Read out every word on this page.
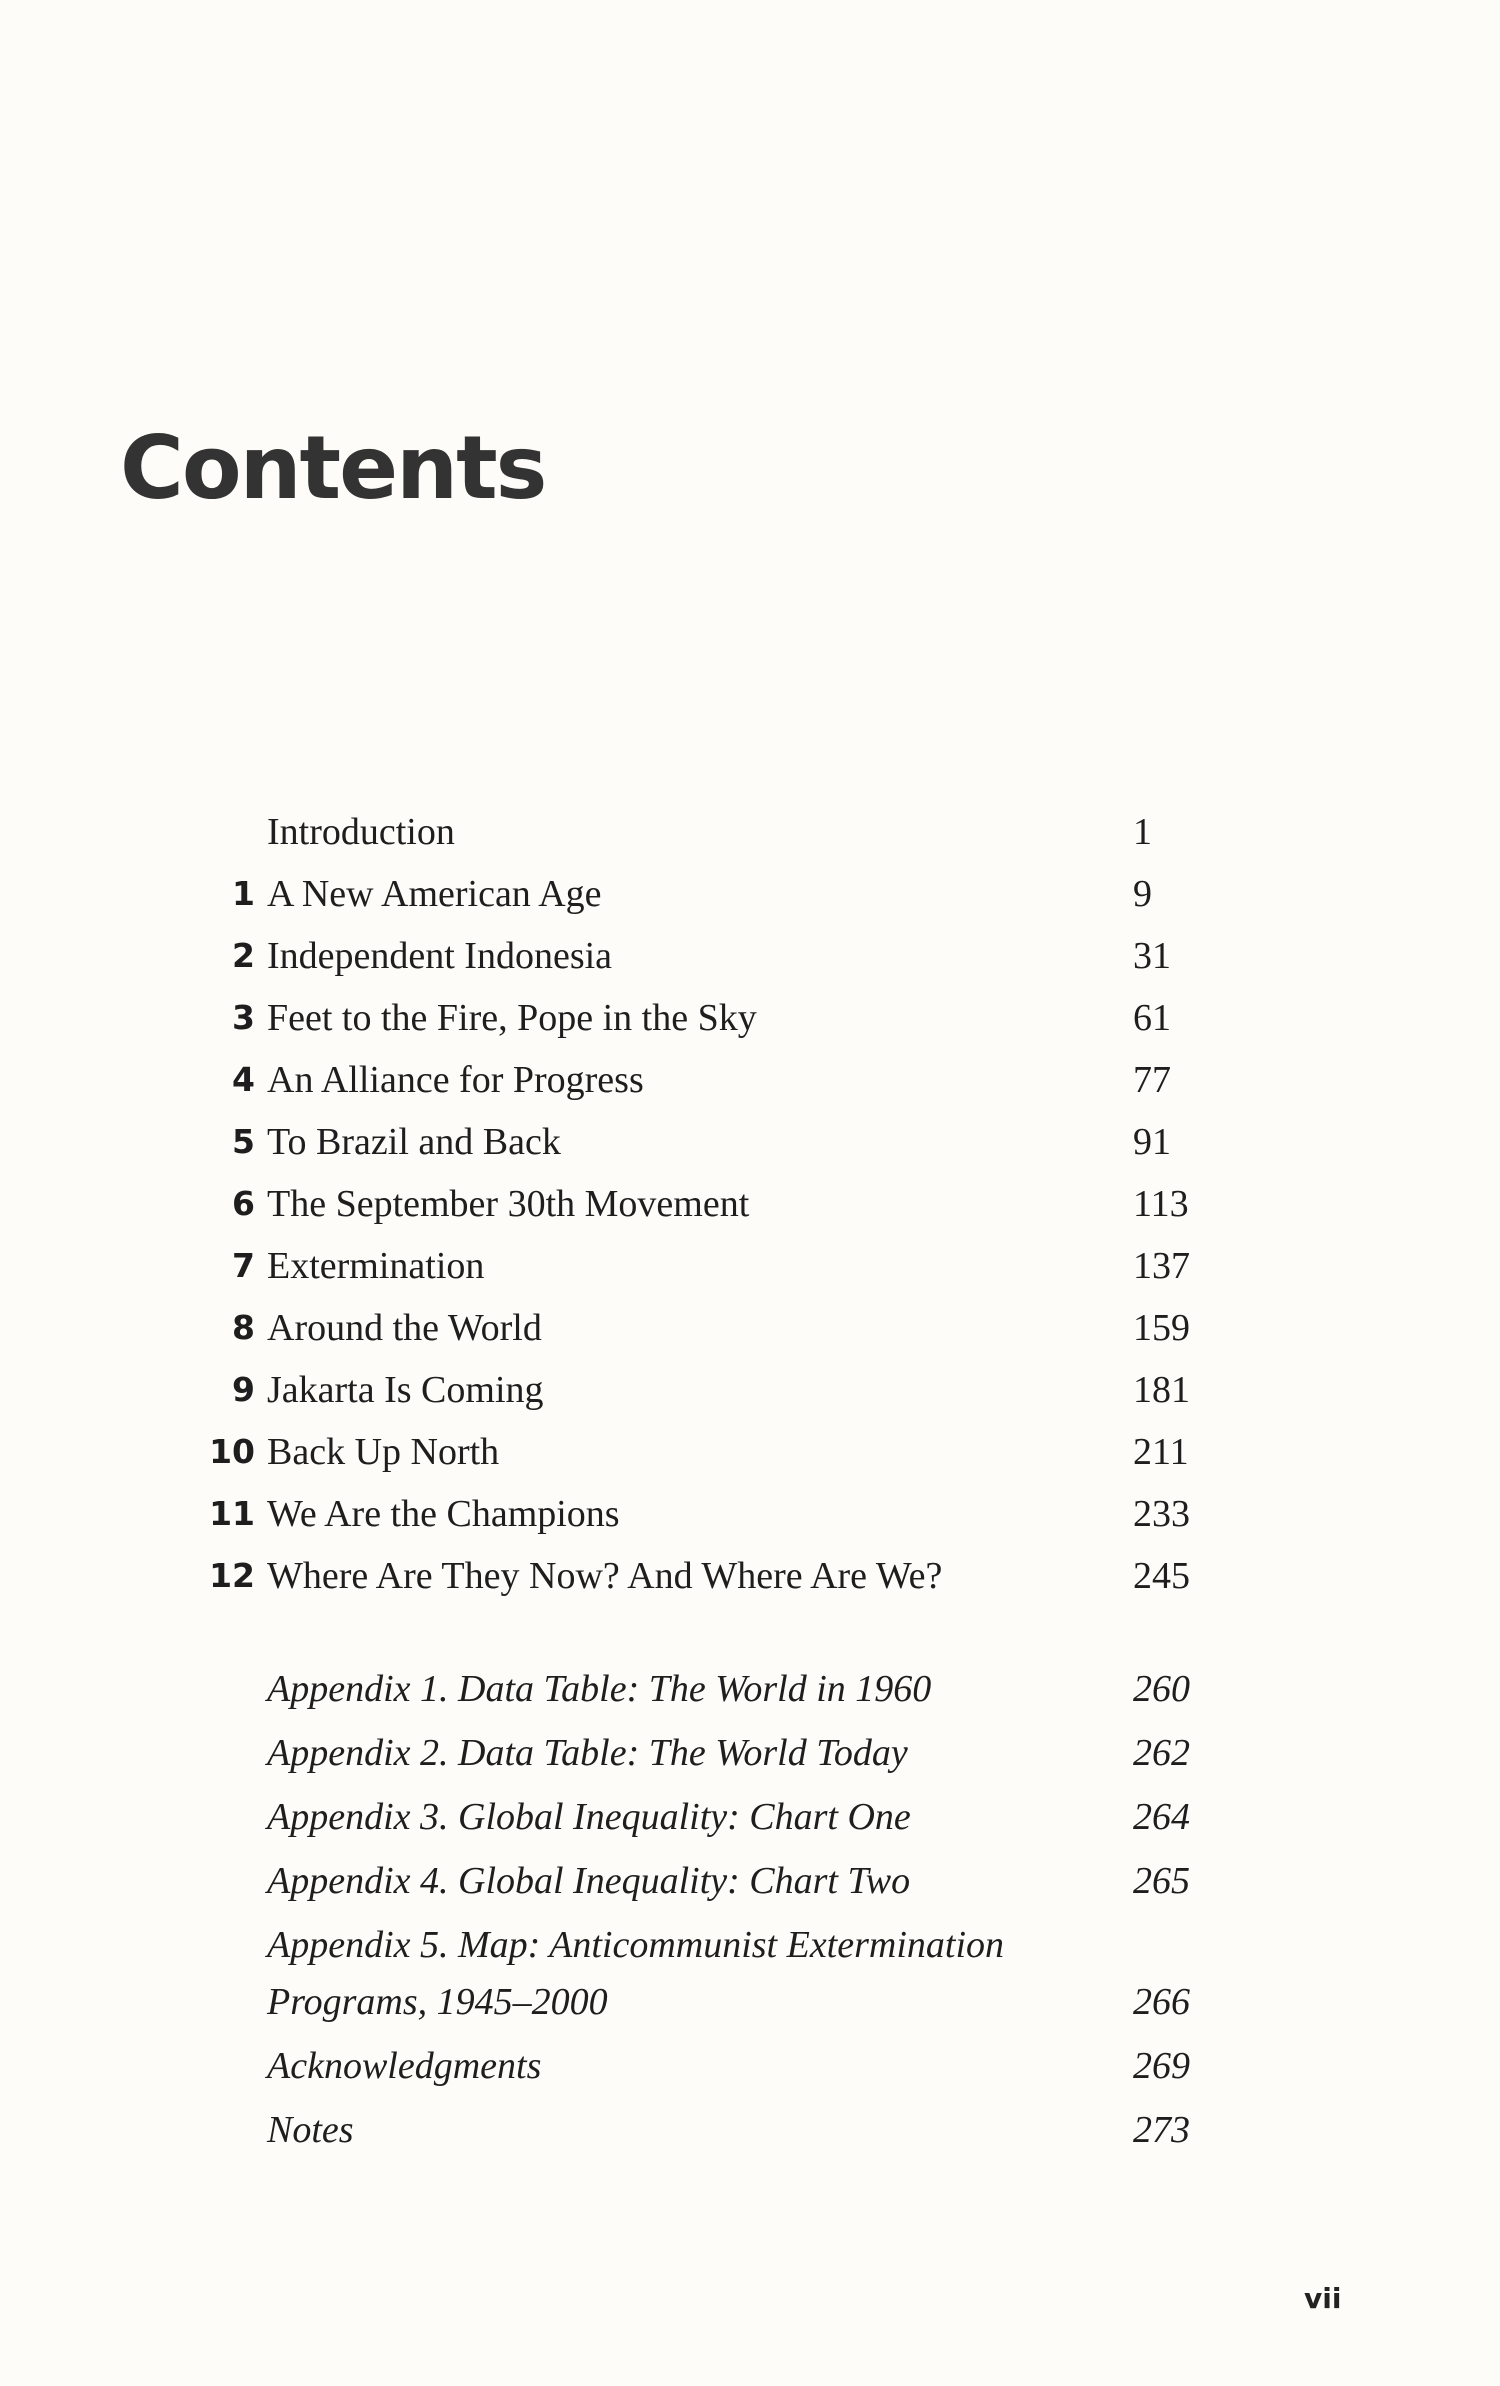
Contents
Introduction	1
1 A New American Age	9
2 Independent Indonesia	31
3 Feet to the Fire, Pope in the Sky	61
4 An Alliance for Progress	77
5 To Brazil and Back	91
6 The September 30th Movement	113
7 Extermination	137
8 Around the World	159
9 Jakarta Is Coming	181
10 Back Up North	211
11 We Are the Champions	233
12 Where Are They Now? And Where Are We?	245
Appendix 1. Data Table: The World in 1960	260
Appendix 2. Data Table: The World Today	262
Appendix 3. Global Inequality: Chart One	264
Appendix 4. Global Inequality: Chart Two	265
Appendix 5. Map: Anticommunist Extermination
Programs, 1945–2000	266
Acknowledgments	269
Notes	273
vii
